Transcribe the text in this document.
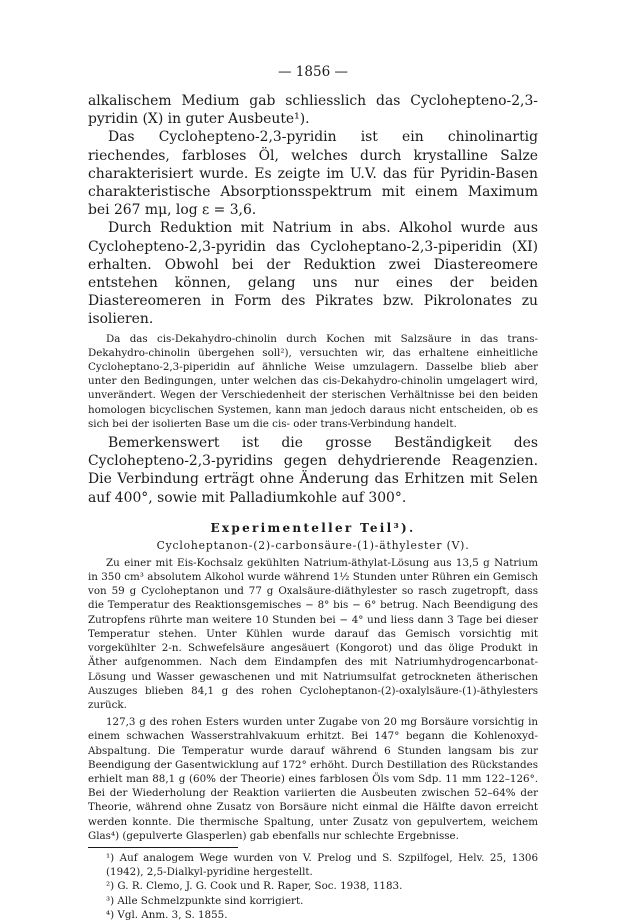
— 1856 —

alkalischem Medium gab schliesslich das Cyclohepteno-2,3-pyridin (X) in guter Ausbeute¹).

Das Cyclohepteno-2,3-pyridin ist ein chinolinartig riechendes, farbloses Öl, welches durch krystalline Salze charakterisiert wurde. Es zeigte im U.V. das für Pyridin-Basen charakteristische Absorptionsspektrum mit einem Maximum bei 267 mμ, log ε = 3,6.

Durch Reduktion mit Natrium in abs. Alkohol wurde aus Cyclohepteno-2,3-pyridin das Cycloheptano-2,3-piperidin (XI) erhalten. Obwohl bei der Reduktion zwei Diastereomere entstehen können, gelang uns nur eines der beiden Diastereomeren in Form des Pikrates bzw. Pikrolonates zu isolieren.

Da das cis-Dekahydro-chinolin durch Kochen mit Salzsäure in das trans-Dekahydro-chinolin übergehen soll²), versuchten wir, das erhaltene einheitliche Cycloheptano-2,3-piperidin auf ähnliche Weise umzulagern. Dasselbe blieb aber unter den Bedingungen, unter welchen das cis-Dekahydro-chinolin umgelagert wird, unverändert. Wegen der Verschiedenheit der sterischen Verhältnisse bei den beiden homologen bicyclischen Systemen, kann man jedoch daraus nicht entscheiden, ob es sich bei der isolierten Base um die cis- oder trans-Verbindung handelt.

Bemerkenswert ist die grosse Beständigkeit des Cyclohepteno-2,3-pyridins gegen dehydrierende Reagenzien. Die Verbindung erträgt ohne Änderung das Erhitzen mit Selen auf 400°, sowie mit Palladiumkohle auf 300°.

Experimenteller Teil³).
Cycloheptanon-(2)-carbonsäure-(1)-äthylester (V).

Zu einer mit Eis-Kochsalz gekühlten Natrium-äthylat-Lösung aus 13,5 g Natrium in 350 cm³ absolutem Alkohol wurde während 1½ Stunden unter Rühren ein Gemisch von 59 g Cycloheptanon und 77 g Oxalsäure-diäthylester so rasch zugetropft, dass die Temperatur des Reaktionsgemisches − 8° bis − 6° betrug. Nach Beendigung des Zutropfens rührte man weitere 10 Stunden bei − 4° und liess dann 3 Tage bei dieser Temperatur stehen. Unter Kühlen wurde darauf das Gemisch vorsichtig mit vorgekühlter 2-n. Schwefelsäure angesäuert (Kongorot) und das ölige Produkt in Äther aufgenommen. Nach dem Eindampfen des mit Natriumhydrogencarbonat-Lösung und Wasser gewaschenen und mit Natriumsulfat getrockneten ätherischen Auszuges blieben 84,1 g des rohen Cycloheptanon-(2)-oxalylsäure-(1)-äthylesters zurück.

127,3 g des rohen Esters wurden unter Zugabe von 20 mg Borsäure vorsichtig in einem schwachen Wasserstrahlvakuum erhitzt. Bei 147° begann die Kohlenoxyd-Abspaltung. Die Temperatur wurde darauf während 6 Stunden langsam bis zur Beendigung der Gasentwicklung auf 172° erhöht. Durch Destillation des Rückstandes erhielt man 88,1 g (60% der Theorie) eines farblosen Öls vom Sdp. 11 mm 122–126°. Bei der Wiederholung der Reaktion variierten die Ausbeuten zwischen 52–64% der Theorie, während ohne Zusatz von Borsäure nicht einmal die Hälfte davon erreicht werden konnte. Die thermische Spaltung, unter Zusatz von gepulvertem, weichem Glas⁴) (gepulverte Glasperlen) gab ebenfalls nur schlechte Ergebnisse.

¹) Auf analogem Wege wurden von V. Prelog und S. Szpilfogel, Helv. 25, 1306 (1942), 2,5-Dialkyl-pyridine hergestellt.

²) G. R. Clemo, J. G. Cook und R. Raper, Soc. 1938, 1183.

³) Alle Schmelzpunkte sind korrigiert.

⁴) Vgl. Anm. 3, S. 1855.
